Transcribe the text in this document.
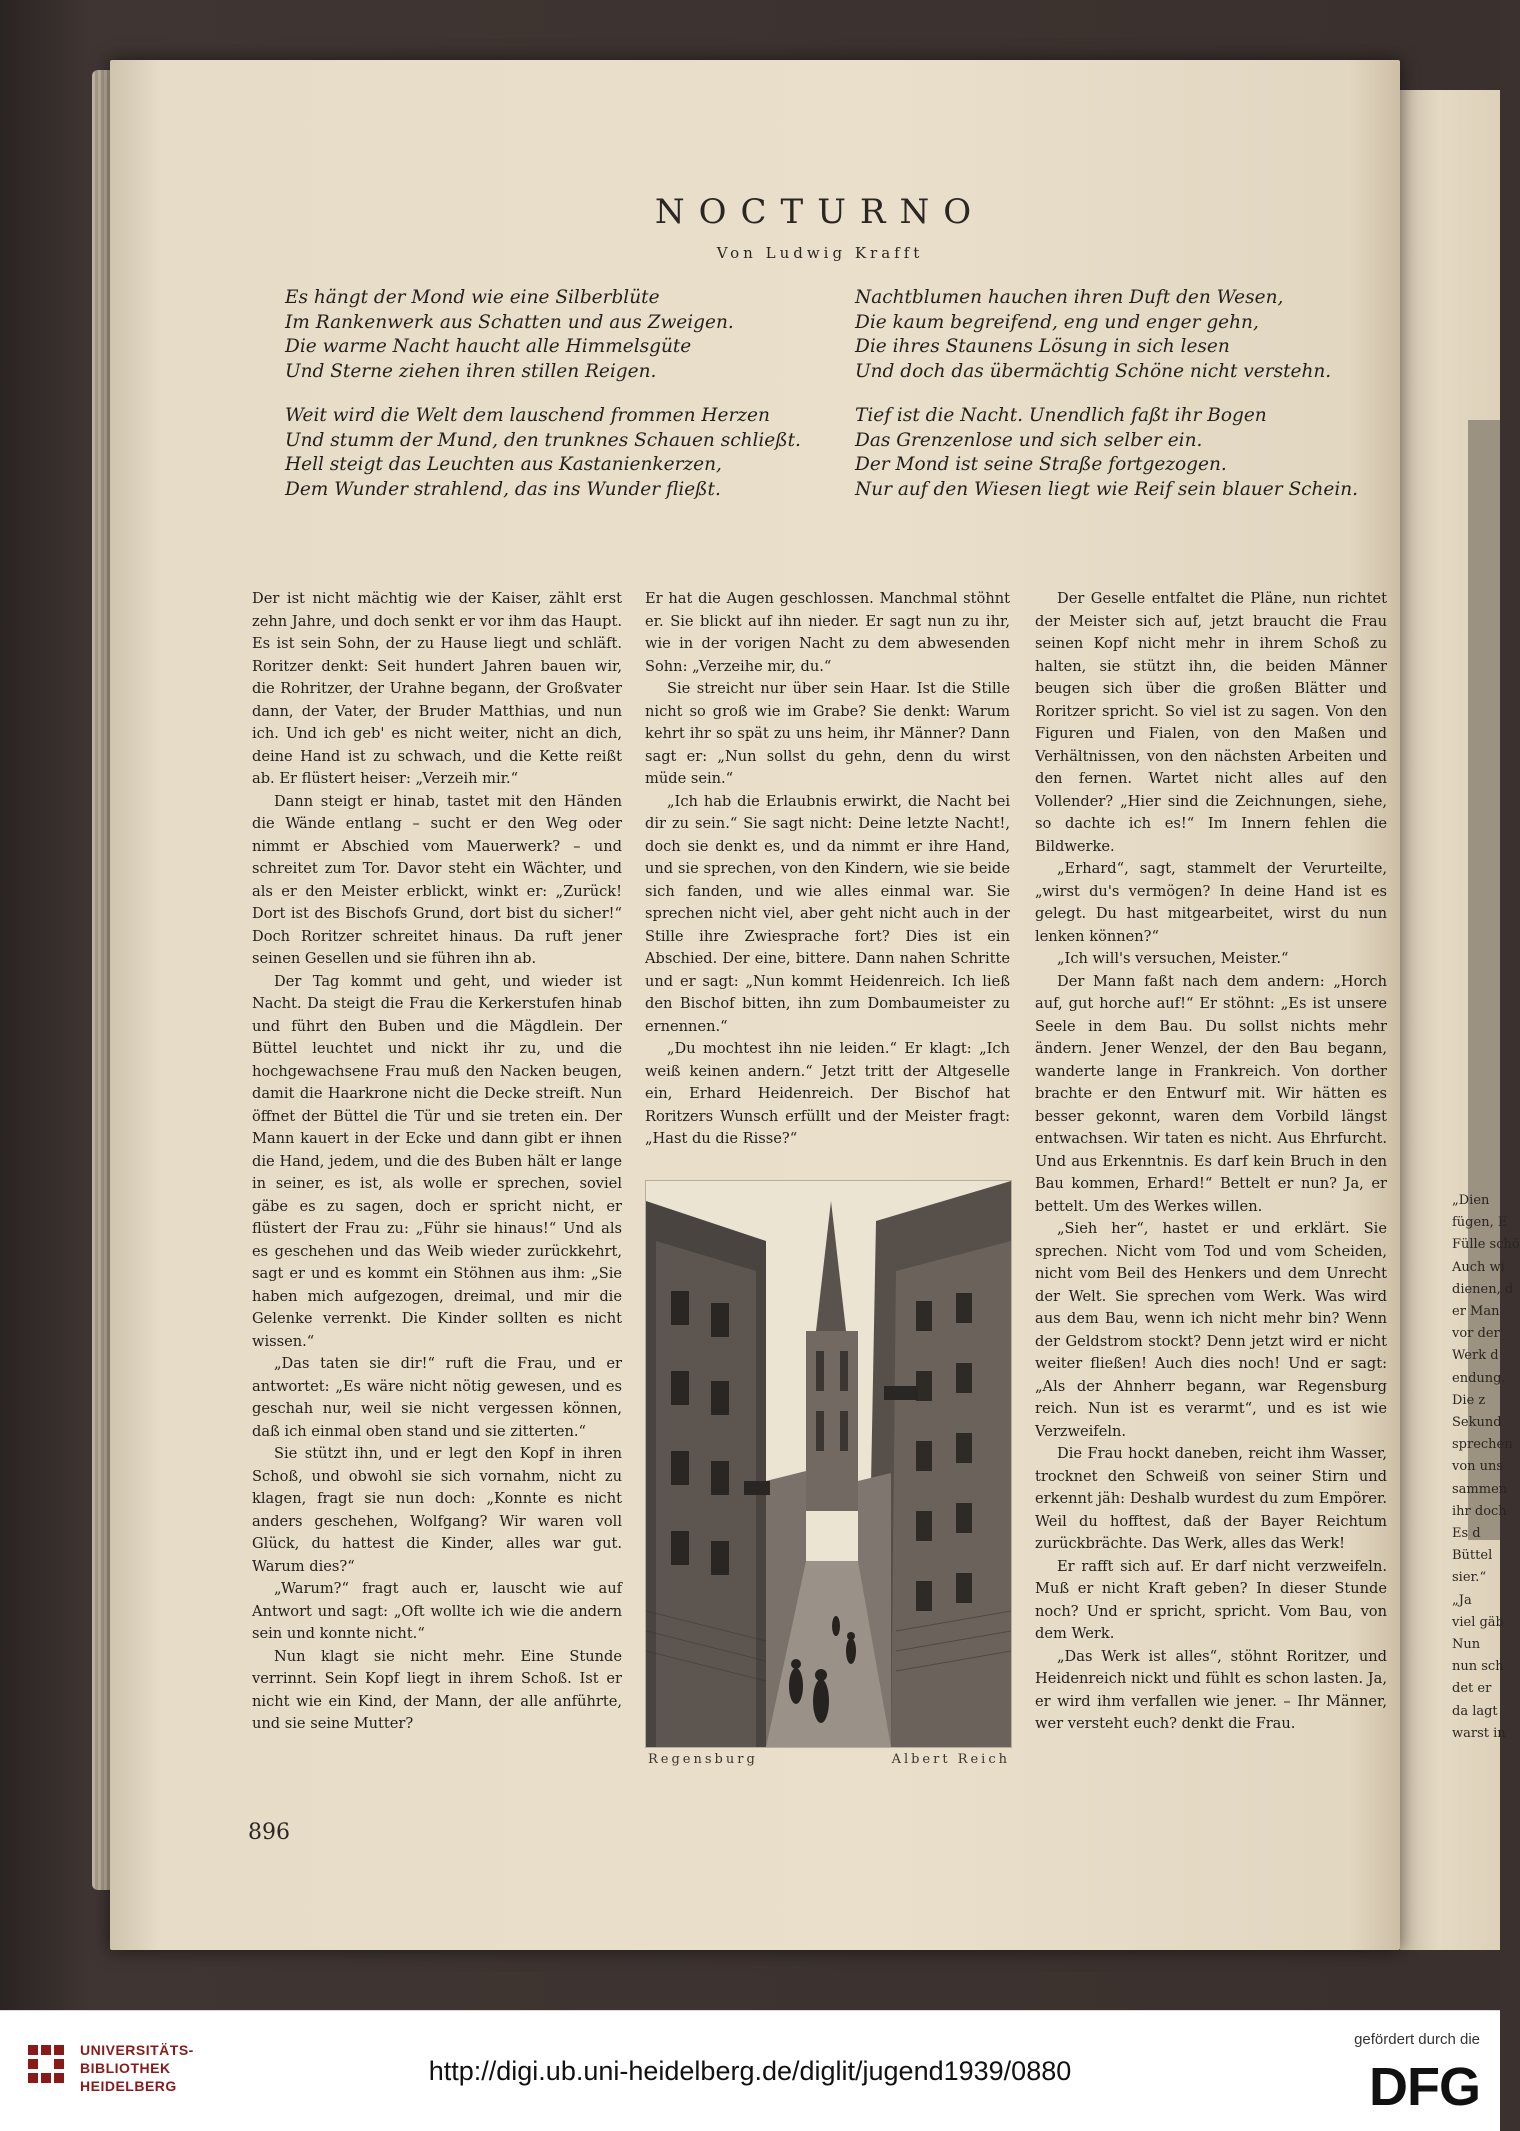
„Dien
fügen, E
Fülle schö
Auch wi
dienen, d
er Man
vor der
Werk d
endung.
Die z
Sekund
sprechen
von uns
sammen
ihr doch
Es d
Büttel
sier.“
„Ja
viel gäb
Nun
nun sch
det er
da lagt
warst in
NOCTURNO
Von Ludwig Krafft
Es hängt der Mond wie eine Silberblüte
Im Rankenwerk aus Schatten und aus Zweigen.
Die warme Nacht haucht alle Himmelsgüte
Und Sterne ziehen ihren stillen Reigen.
Weit wird die Welt dem lauschend frommen Herzen
Und stumm der Mund, den trunknes Schauen schließt.
Hell steigt das Leuchten aus Kastanienkerzen,
Dem Wunder strahlend, das ins Wunder fließt.
Nachtblumen hauchen ihren Duft den Wesen,
Die kaum begreifend, eng und enger gehn,
Die ihres Staunens Lösung in sich lesen
Und doch das übermächtig Schöne nicht verstehn.
Tief ist die Nacht. Unendlich faßt ihr Bogen
Das Grenzenlose und sich selber ein.
Der Mond ist seine Straße fortgezogen.
Nur auf den Wiesen liegt wie Reif sein blauer Schein.

Der ist nicht mächtig wie der Kaiser, zählt erst zehn Jahre, und doch senkt er vor ihm das Haupt. Es ist sein Sohn, der zu Hause liegt und schläft. Roritzer denkt: Seit hundert Jahren bauen wir, die Rohritzer, der Urahne begann, der Großvater dann, der Vater, der Bruder Matthias, und nun ich. Und ich geb' es nicht weiter, nicht an dich, deine Hand ist zu schwach, und die Kette reißt ab. Er flüstert heiser: „Verzeih mir.“

Dann steigt er hinab, tastet mit den Händen die Wände entlang – sucht er den Weg oder nimmt er Abschied vom Mauerwerk? – und schreitet zum Tor. Davor steht ein Wächter, und als er den Meister erblickt, winkt er: „Zurück! Dort ist des Bischofs Grund, dort bist du sicher!“ Doch Roritzer schreitet hinaus. Da ruft jener seinen Gesellen und sie führen ihn ab.

Der Tag kommt und geht, und wieder ist Nacht. Da steigt die Frau die Kerkerstufen hinab und führt den Buben und die Mägdlein. Der Büttel leuchtet und nickt ihr zu, und die hochgewachsene Frau muß den Nacken beugen, damit die Haarkrone nicht die Decke streift. Nun öffnet der Büttel die Tür und sie treten ein. Der Mann kauert in der Ecke und dann gibt er ihnen die Hand, jedem, und die des Buben hält er lange in seiner, es ist, als wolle er sprechen, soviel gäbe es zu sagen, doch er spricht nicht, er flüstert der Frau zu: „Führ sie hinaus!“ Und als es geschehen und das Weib wieder zurückkehrt, sagt er und es kommt ein Stöhnen aus ihm: „Sie haben mich aufgezogen, dreimal, und mir die Gelenke verrenkt. Die Kinder sollten es nicht wissen.“

„Das taten sie dir!“ ruft die Frau, und er antwortet: „Es wäre nicht nötig gewesen, und es geschah nur, weil sie nicht vergessen können, daß ich einmal oben stand und sie zitterten.“

Sie stützt ihn, und er legt den Kopf in ihren Schoß, und obwohl sie sich vornahm, nicht zu klagen, fragt sie nun doch: „Konnte es nicht anders geschehen, Wolfgang? Wir waren voll Glück, du hattest die Kinder, alles war gut. Warum dies?“

„Warum?“ fragt auch er, lauscht wie auf Antwort und sagt: „Oft wollte ich wie die andern sein und konnte nicht.“

Nun klagt sie nicht mehr. Eine Stunde verrinnt. Sein Kopf liegt in ihrem Schoß. Ist er nicht wie ein Kind, der Mann, der alle anführte, und sie seine Mutter?

Er hat die Augen geschlossen. Manchmal stöhnt er. Sie blickt auf ihn nieder. Er sagt nun zu ihr, wie in der vorigen Nacht zu dem abwesenden Sohn: „Verzeihe mir, du.“

Sie streicht nur über sein Haar. Ist die Stille nicht so groß wie im Grabe? Sie denkt: Warum kehrt ihr so spät zu uns heim, ihr Männer? Dann sagt er: „Nun sollst du gehn, denn du wirst müde sein.“

„Ich hab die Erlaubnis erwirkt, die Nacht bei dir zu sein.“ Sie sagt nicht: Deine letzte Nacht!, doch sie denkt es, und da nimmt er ihre Hand, und sie sprechen, von den Kindern, wie sie beide sich fanden, und wie alles einmal war. Sie sprechen nicht viel, aber geht nicht auch in der Stille ihre Zwiesprache fort? Dies ist ein Abschied. Der eine, bittere. Dann nahen Schritte und er sagt: „Nun kommt Heidenreich. Ich ließ den Bischof bitten, ihn zum Dombaumeister zu ernennen.“

„Du mochtest ihn nie leiden.“ Er klagt: „Ich weiß keinen andern.“ Jetzt tritt der Altgeselle ein, Erhard Heidenreich. Der Bischof hat Roritzers Wunsch erfüllt und der Meister fragt: „Hast du die Risse?“

Der Geselle entfaltet die Pläne, nun richtet der Meister sich auf, jetzt braucht die Frau seinen Kopf nicht mehr in ihrem Schoß zu halten, sie stützt ihn, die beiden Männer beugen sich über die großen Blätter und Roritzer spricht. So viel ist zu sagen. Von den Figuren und Fialen, von den Maßen und Verhältnissen, von den nächsten Arbeiten und den fernen. Wartet nicht alles auf den Vollender? „Hier sind die Zeichnungen, siehe, so dachte ich es!“ Im Innern fehlen die Bildwerke.

„Erhard“, sagt, stammelt der Verurteilte, „wirst du's vermögen? In deine Hand ist es gelegt. Du hast mitgearbeitet, wirst du nun lenken können?“

„Ich will's versuchen, Meister.“

Der Mann faßt nach dem andern: „Horch auf, gut horche auf!“ Er stöhnt: „Es ist unsere Seele in dem Bau. Du sollst nichts mehr ändern. Jener Wenzel, der den Bau begann, wanderte lange in Frankreich. Von dorther brachte er den Entwurf mit. Wir hätten es besser gekonnt, waren dem Vorbild längst entwachsen. Wir taten es nicht. Aus Ehrfurcht. Und aus Erkenntnis. Es darf kein Bruch in den Bau kommen, Erhard!“ Bettelt er nun? Ja, er bettelt. Um des Werkes willen.

„Sieh her“, hastet er und erklärt. Sie sprechen. Nicht vom Tod und vom Scheiden, nicht vom Beil des Henkers und dem Unrecht der Welt. Sie sprechen vom Werk. Was wird aus dem Bau, wenn ich nicht mehr bin? Wenn der Geldstrom stockt? Denn jetzt wird er nicht weiter fließen! Auch dies noch! Und er sagt: „Als der Ahnherr begann, war Regensburg reich. Nun ist es verarmt“, und es ist wie Verzweifeln.

Die Frau hockt daneben, reicht ihm Wasser, trocknet den Schweiß von seiner Stirn und erkennt jäh: Deshalb wurdest du zum Empörer. Weil du hofftest, daß der Bayer Reichtum zurückbrächte. Das Werk, alles das Werk!

Er rafft sich auf. Er darf nicht verzweifeln. Muß er nicht Kraft geben? In dieser Stunde noch? Und er spricht, spricht. Vom Bau, von dem Werk.

„Das Werk ist alles“, stöhnt Roritzer, und Heidenreich nickt und fühlt es schon lasten. Ja, er wird ihm verfallen wie jener. – Ihr Männer, wer versteht euch? denkt die Frau.

Regensburg	Albert Reich
896
UNIVERSITÄTS-
BIBLIOTHEK
HEIDELBERG	http://digi.ub.uni-heidelberg.de/diglit/jugend1939/0880
gefördert durch die
DFG
